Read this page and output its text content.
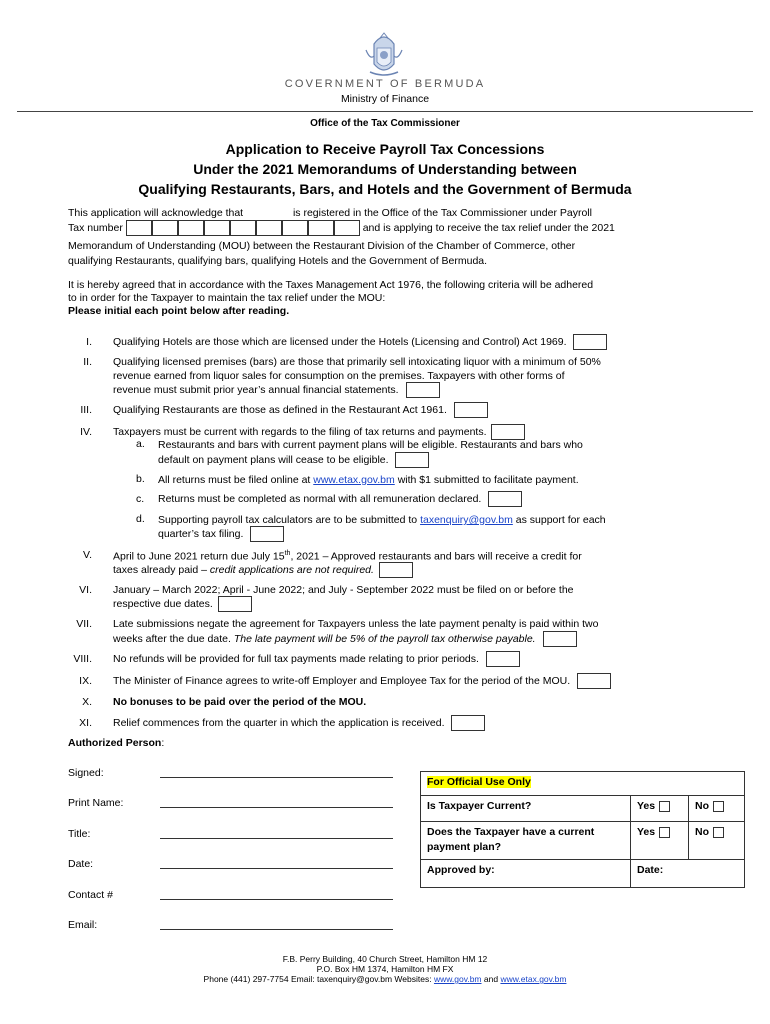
COVERNMENT OF BERMUDA
Ministry of Finance
Office of the Tax Commissioner
Application to Receive Payroll Tax Concessions
Under the 2021 Memorandums of Understanding between
Qualifying Restaurants, Bars, and Hotels and the Government of Bermuda
This application will acknowledge that	is registered in the Office of the Tax Commissioner under Payroll
Tax number	and is applying to receive the tax relief under the 2021
Memorandum of Understanding (MOU) between the Restaurant Division of the Chamber of Commerce, other
qualifying Restaurants, qualifying bars, qualifying Hotels and the Government of Bermuda.
It is hereby agreed that in accordance with the Taxes Management Act 1976, the following criteria will be adhered
to in order for the Taxpayer to maintain the tax relief under the MOU:
Please initial each point below after reading.
I. Qualifying Hotels are those which are licensed under the Hotels (Licensing and Control) Act 1969.
II. Qualifying licensed premises (bars) are those that primarily sell intoxicating liquor with a minimum of 50%
revenue earned from liquor sales for consumption on the premises. Taxpayers with other forms of
revenue must submit prior year’s annual financial statements.
III. Qualifying Restaurants are those as defined in the Restaurant Act 1961.
IV. Taxpayers must be current with regards to the filing of tax returns and payments.
a. Restaurants and bars with current payment plans will be eligible. Restaurants and bars who
default on payment plans will cease to be eligible.
b. All returns must be filed online at www.etax.gov.bm with $1 submitted to facilitate payment.
c. Returns must be completed as normal with all remuneration declared.
d. Supporting payroll tax calculators are to be submitted to taxenquiry@gov.bm as support for each
quarter’s tax filing.
V. April to June 2021 return due July 15th, 2021 – Approved restaurants and bars will receive a credit for
taxes already paid – credit applications are not required.
VI. January – March 2022; April - June 2022; and July - September 2022 must be filed on or before the
respective due dates.
VII. Late submissions negate the agreement for Taxpayers unless the late payment penalty is paid within two
weeks after the due date. The late payment will be 5% of the payroll tax otherwise payable.
VIII. No refunds will be provided for full tax payments made relating to prior periods.
IX. The Minister of Finance agrees to write-off Employer and Employee Tax for the period of the MOU.
X. No bonuses to be paid over the period of the MOU.
XI. Relief commences from the quarter in which the application is received.
Authorized Person:
Signed:
Print Name:
Title:
Date:
Contact #
Email:
For Official Use Only		
Is Taxpayer Current?	Yes	No

Does the Taxpayer have a current
payment plan?	Yes	No
Approved by:	Date:	
F.B. Perry Building, 40 Church Street, Hamilton HM 12
P.O. Box HM 1374, Hamilton HM FX
Phone (441) 297-7754 Email: taxenquiry@gov.bm Websites: www.gov.bm and www.etax.gov.bm
